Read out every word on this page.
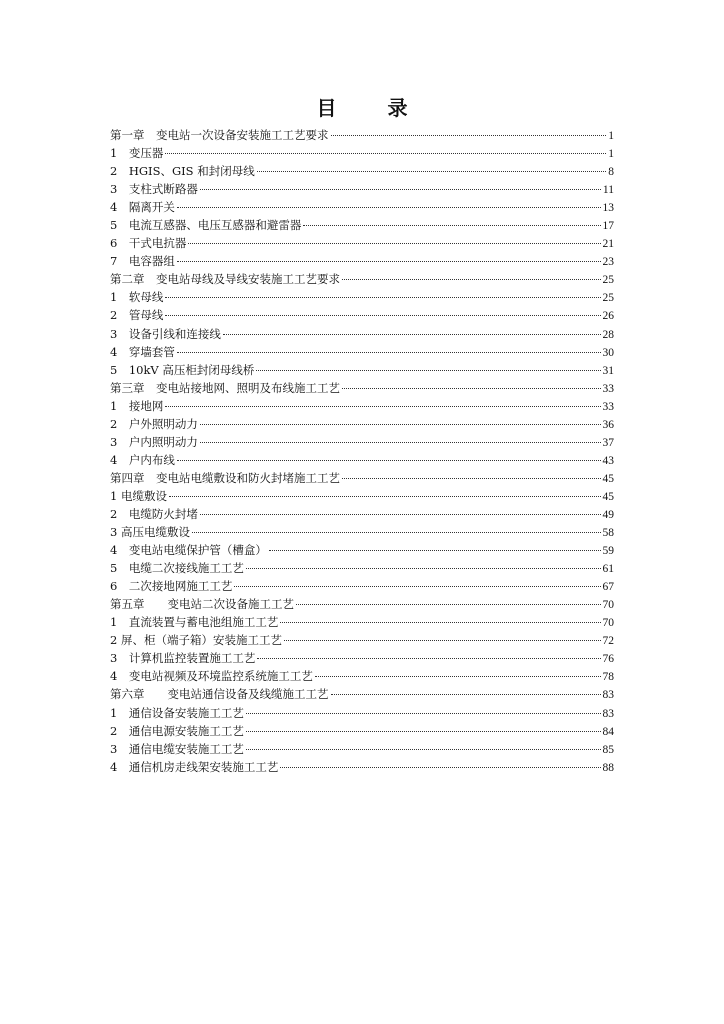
目 录
第一章　变电站一次设备安装施工工艺要求	1
1　变压器	1
2　HGIS、GIS 和封闭母线	8
3　支柱式断路器	11
4　隔离开关	13
5　电流互感器、电压互感器和避雷器	17
6　干式电抗器	21
7　电容器组	23
第二章　变电站母线及导线安装施工工艺要求	25
1　软母线	25
2　管母线	26
3　设备引线和连接线	28
4　穿墙套管	30
5　10kV 高压柜封闭母线桥	31
第三章　变电站接地网、照明及布线施工工艺	33
1　接地网	33
2　户外照明动力	36
3　户内照明动力	37
4　户内布线	43
第四章　变电站电缆敷设和防火封堵施工工艺	45
1 电缆敷设	45
2　电缆防火封堵	49
3 高压电缆敷设	58
4　变电站电缆保护管（槽盒）	59
5　电缆二次接线施工工艺	61
6　二次接地网施工工艺	67
第五章　　变电站二次设备施工工艺	70
1　直流装置与蓄电池组施工工艺	70
2 屏、柜（端子箱）安装施工工艺	72
3　计算机监控装置施工工艺	76
4　变电站视频及环境监控系统施工工艺	78
第六章　　变电站通信设备及线缆施工工艺	83
1　通信设备安装施工工艺	83
2　通信电源安装施工工艺	84
3　通信电缆安装施工工艺	85
4　通信机房走线架安装施工工艺	88
